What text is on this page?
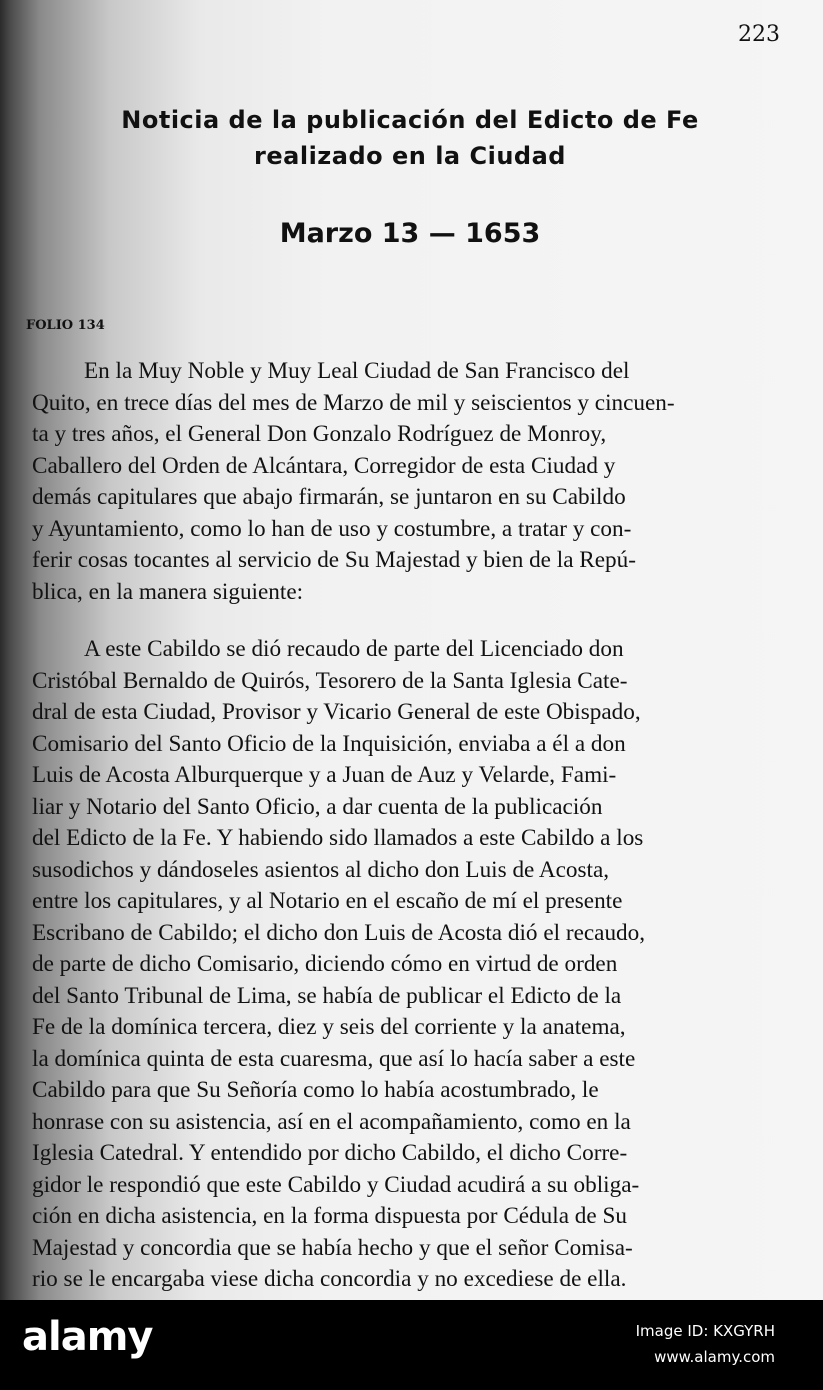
223
Noticia de la publicación del Edicto de Fe
realizado en la Ciudad
Marzo 13 — 1653
FOLIO 134
En la Muy Noble y Muy Leal Ciudad de San Francisco del
Quito, en trece días del mes de Marzo de mil y seiscientos y cincuen-
ta y tres años, el General Don Gonzalo Rodríguez de Monroy,
Caballero del Orden de Alcántara, Corregidor de esta Ciudad y
demás capitulares que abajo firmarán, se juntaron en su Cabildo
y Ayuntamiento, como lo han de uso y costumbre, a tratar y con-
ferir cosas tocantes al servicio de Su Majestad y bien de la Repú-
blica, en la manera siguiente:
A este Cabildo se dió recaudo de parte del Licenciado don
Cristóbal Bernaldo de Quirós, Tesorero de la Santa Iglesia Cate-
dral de esta Ciudad, Provisor y Vicario General de este Obispado,
Comisario del Santo Oficio de la Inquisición, enviaba a él a don
Luis de Acosta Alburquerque y a Juan de Auz y Velarde, Fami-
liar y Notario del Santo Oficio, a dar cuenta de la publicación
del Edicto de la Fe. Y habiendo sido llamados a este Cabildo a los
susodichos y dándoseles asientos al dicho don Luis de Acosta,
entre los capitulares, y al Notario en el escaño de mí el presente
Escribano de Cabildo; el dicho don Luis de Acosta dió el recaudo,
de parte de dicho Comisario, diciendo cómo en virtud de orden
del Santo Tribunal de Lima, se había de publicar el Edicto de la
Fe de la domínica tercera, diez y seis del corriente y la anatema,
la domínica quinta de esta cuaresma, que así lo hacía saber a este
Cabildo para que Su Señoría como lo había acostumbrado, le
honrase con su asistencia, así en el acompañamiento, como en la
Iglesia Catedral. Y entendido por dicho Cabildo, el dicho Corre-
gidor le respondió que este Cabildo y Ciudad acudirá a su obliga-
ción en dicha asistencia, en la forma dispuesta por Cédula de Su
Majestad y concordia que se había hecho y que el señor Comisa-
rio se le encargaba viese dicha concordia y no excediese de ella.
alamy	Image ID: KXGYRH
www.alamy.com
